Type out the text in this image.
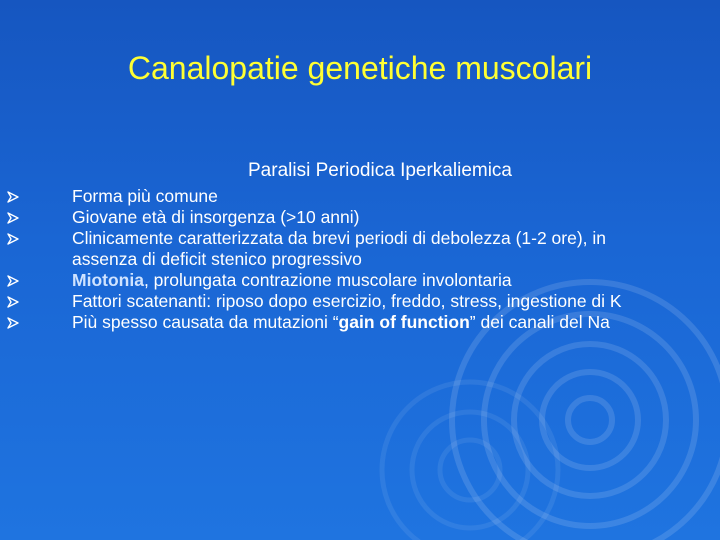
Canalopatie genetiche muscolari
Paralisi Periodica Iperkaliemica
Forma più comune
Giovane età di insorgenza (>10 anni)
Clinicamente caratterizzata da brevi periodi di debolezza (1-2 ore), in assenza di deficit stenico progressivo
Miotonia, prolungata contrazione muscolare involontaria
Fattori scatenanti: riposo dopo esercizio, freddo, stress, ingestione di K
Più spesso causata da mutazioni “gain of function” dei canali del Na
